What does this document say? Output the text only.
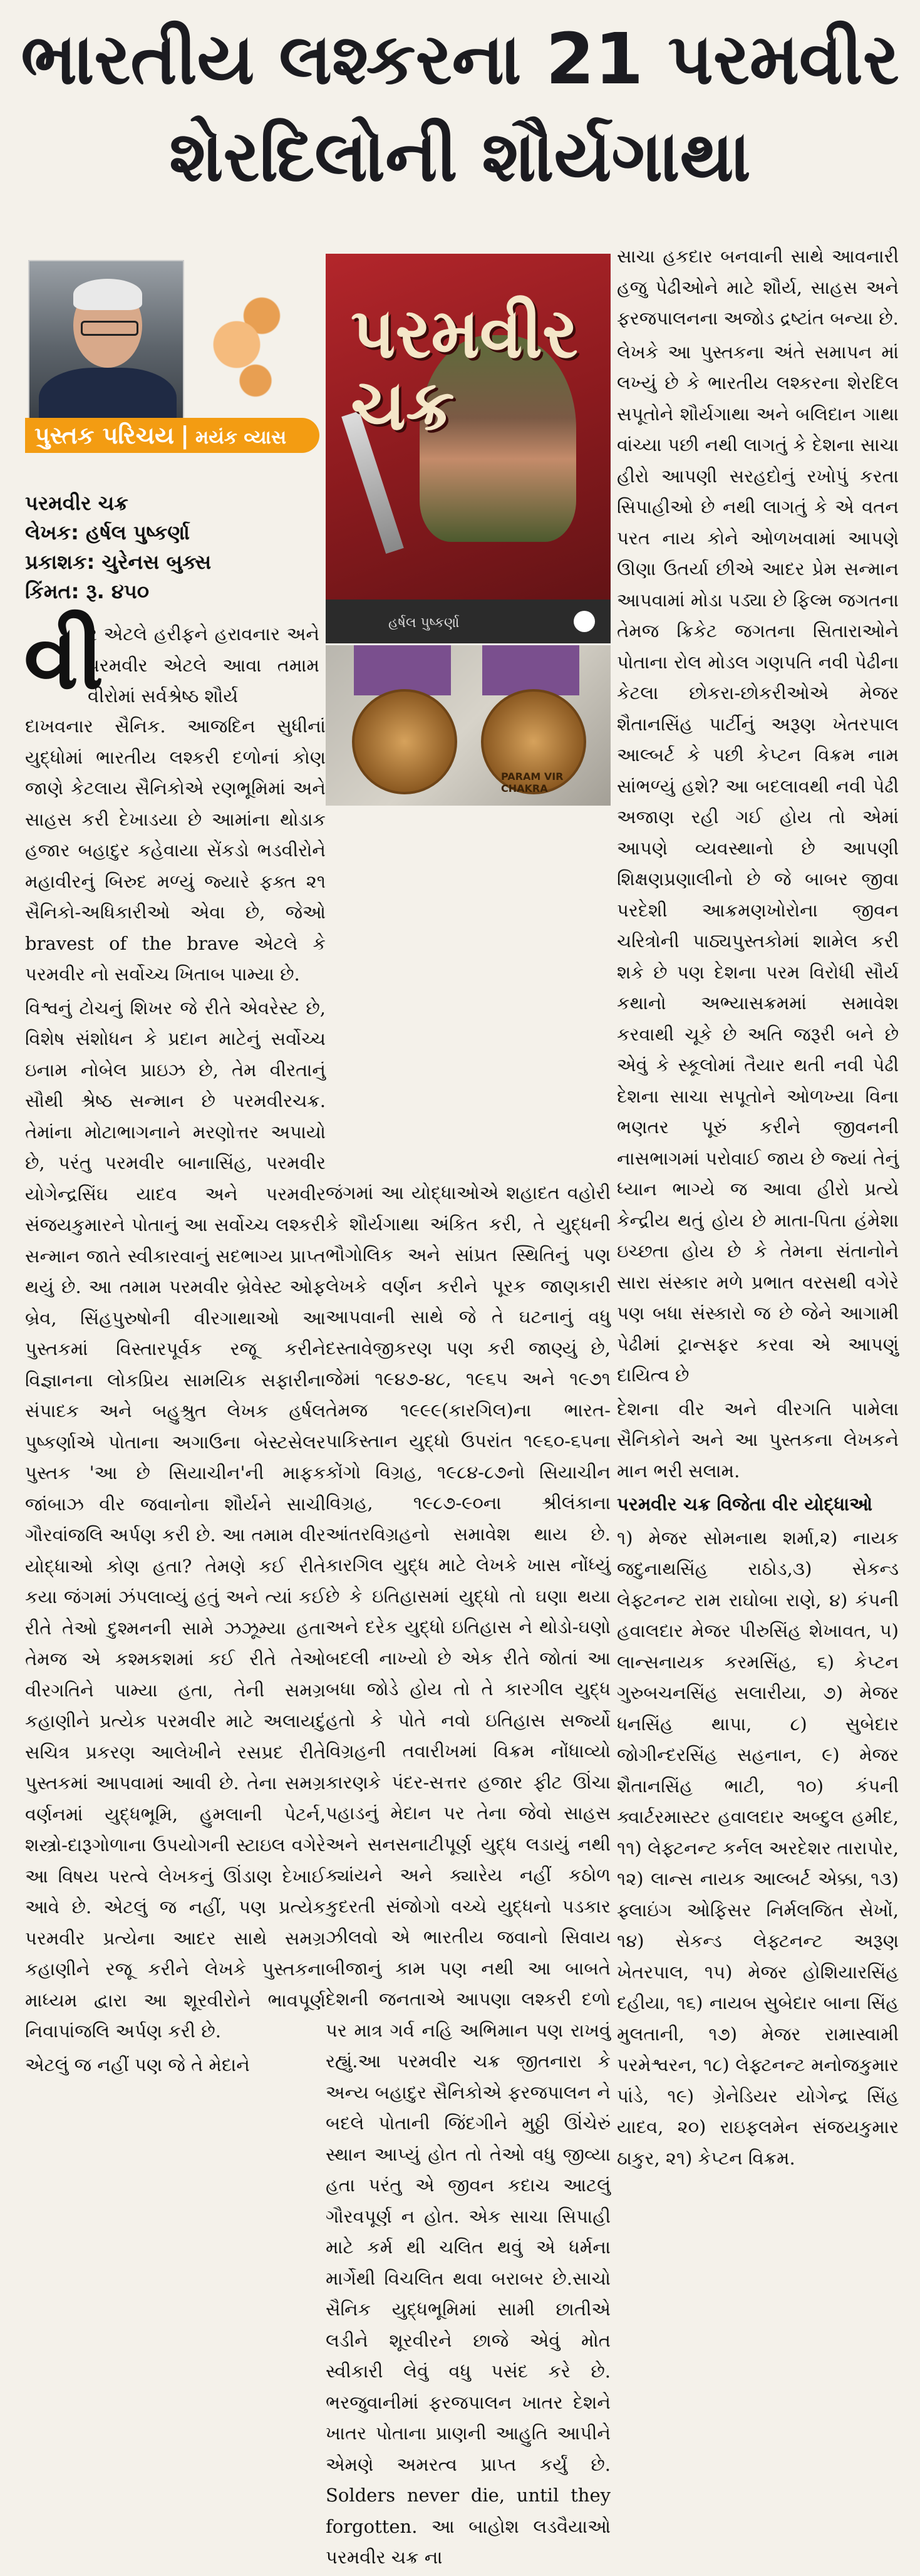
ભારતીય લશ્કરના 21 પરમવીર
શેરદિલોની શૌર્યગાથા
પુસ્તક પરિચય | મયંક વ્યાસ
પરમવીર ચક્ર
લેખક: હર્ષલ પુષ્કર્ણા
પ્રકાશક: ચુરેનસ બુક્સ
કિંમત: રૂ. ૪૫૦
પરમવીર
ચક્ર
હર્ષલ પુષ્કર્ણા
PARAM VIR CHAKRA
વી

ર એટલે હરીફને હરાવનાર અને પરમવીર એટલે આવા તમામ વીરોમાં સર્વશ્રેષ્ઠ શૌર્ય

દાખવનાર સૈનિક. આજદિન સુધીનાં યુદ્ધોમાં ભારતીય લશ્કરી દળોનાં કોણ જાણે કેટલાય સૈનિકોએ રણભૂમિમાં અને સાહસ કરી દેખાડયા છે આમાંના થોડાક હજાર બહાદુર કહેવાયા સેંકડો ભડવીરોને મહાવીરનું બિરુદ મળ્યું જ્યારે ફક્ત ૨૧ સૈનિકો-અધિકારીઓ એવા છે, જેઓ bravest of the brave એટલે કે પરમવીર નો સર્વોચ્ચ ખિતાબ પામ્યા છે.

વિશ્વનું ટોચનું શિખર જે રીતે એવરેસ્ટ છે, વિશેષ સંશોધન કે પ્રદાન માટેનું સર્વોચ્ચ ઇનામ નોબેલ પ્રાઇઝ છે, તેમ વીરતાનું સૌથી શ્રેષ્ઠ સન્માન છે પરમવીરચક્ર. તેમાંના મોટાભાગનાને મરણોત્તર અપાયો છે, પરંતુ પરમવીર બાનાસિંહ, પરમવીર યોગેન્દ્રસિંઘ યાદવ અને પરમવીર સંજયકુમારને પોતાનું આ સર્વોચ્ચ લશ્કરી સન્માન જાતે સ્વીકારવાનું સદભાગ્ય પ્રાપ્ત થયું છે. આ તમામ પરમવીર બ્રેવેસ્ટ ઓફ બ્રેવ, સિંહપુરુષોની વીરગાથાઓ આ પુસ્તકમાં વિસ્તારપૂર્વક રજૂ કરીને વિજ્ઞાનના લોકપ્રિય સામયિક સફારીના સંપાદક અને બહુશ્રુત લેખક હર્ષલ પુષ્કર્ણાએ પોતાના અગાઉના બેસ્ટસેલર પુસ્તક 'આ છે સિયાચીન'ની માફક જાંબાઝ વીર જવાનોના શૌર્યને સાચી ગૌરવાંજલિ અર્પણ કરી છે. આ તમામ વીર યોદ્ધાઓ કોણ હતા? તેમણે કઈ રીતે કયા જંગમાં ઝંપલાવ્યું હતું અને ત્યાં કઈ રીતે તેઓ દુશ્મનની સામે ઝઝૂમ્યા હતા તેમજ એ કશ્મકશમાં કઈ રીતે તેઓ વીરગતિને પામ્યા હતા, તેની સમગ્ર કહાણીને પ્રત્યેક પરમવીર માટે અલાયદું સચિત્ર પ્રકરણ આલેખીને રસપ્રદ રીતે પુસ્તકમાં આપવામાં આવી છે. તેના સમગ્ર વર્ણનમાં યુદ્ધભૂમિ, હુમલાની પેટર્ન, શસ્ત્રો-દારૂગોળાના ઉપયોગની સ્ટાઇલ વગેરે આ વિષય પરત્વે લેખકનું ઊંડાણ દેખાઈ આવે છે. એટલું જ નહીં, પણ પ્રત્યેક પરમવીર પ્રત્યેના આદર સાથે સમગ્ર કહાણીને રજૂ કરીને લેખકે પુસ્તકના માધ્યમ દ્વારા આ શૂરવીરોને ભાવપૂર્ણ નિવાપાંજલિ અર્પણ કરી છે.

એટલું જ નહીં પણ જે તે મેદાને

જંગમાં આ યોદ્ધાઓએ શહાદત વહોરી કે શૌર્યગાથા અંકિત કરી, તે યુદ્ધની ભૌગોલિક અને સાંપ્રત સ્થિતિનું પણ લેખકે વર્ણન કરીને પૂરક જાણકારી આપવાની સાથે જે તે ઘટનાનું વધુ દસ્તાવેજીકરણ પણ કરી જાણ્યું છે, જેમાં ૧૯૪૭-૪૮, ૧૯૬૫ અને ૧૯૭૧ તેમજ ૧૯૯૯(કારગિલ)ના ભારત-પાકિસ્તાન યુદ્ધો ઉપરાંત ૧૯૬૦-૬૫ના કોંગો વિગ્રહ, ૧૯૮૪-૮૭નો સિયાચીન વિગ્રહ, ૧૯૮૭-૯૦ના શ્રીલંકાના આંતરવિગ્રહનો સમાવેશ થાય છે. કારગિલ યુદ્ધ માટે લેખકે ખાસ નોંધ્યું છે કે ઇતિહાસમાં યુદ્ધો તો ઘણા થયા અને દરેક યુદ્ધો ઇતિહાસ ને થોડો-ઘણો બદલી નાખ્યો છે એક રીતે જોતાં આ બધા જોડે હોય તો તે કારગીલ યુદ્ધ હતો કે પોતે નવો ઇતિહાસ સર્જ્યો વિગ્રહની તવારીખમાં વિક્રમ નોંધાવ્યો કારણકે પંદર-સત્તર હજાર ફીટ ઊંચા પહાડનું મેદાન પર તેના જેવો સાહસ અને સનસનાટીપૂર્ણ યુદ્ધ લડાયું નથી ક્યાંયને અને ક્યારેય નહીં કઠોળ કુદરતી સંજોગો વચ્ચે યુદ્ધનો પડકાર ઝીલવો એ ભારતીય જવાનો સિવાય બીજાનું કામ પણ નથી આ બાબતે દેશની જનતાએ આપણા લશ્કરી દળો પર માત્ર ગર્વ નહિ અભિમાન પણ રાખવું રહ્યું.આ પરમવીર ચક્ર જીતનારા કે અન્ય બહાદુર સૈનિકોએ ફરજપાલન ને બદલે પોતાની જિંદગીને મુઠ્ઠી ઊંચેરું સ્થાન આપ્યું હોત તો તેઓ વધુ જીવ્યા હતા પરંતુ એ જીવન કદાચ આટલું ગૌરવપૂર્ણ ન હોત. એક સાચા સિપાહી માટે કર્મ થી ચલિત થવું એ ધર્મના માર્ગેથી વિચલિત થવા બરાબર છે.સાચો સૈનિક યુદ્ધભૂમિમાં સામી છાતીએ લડીને શૂરવીરને છાજે એવું મોત સ્વીકારી લેવું વધુ પસંદ કરે છે. ભરજુવાનીમાં ફરજપાલન ખાતર દેશને ખાતર પોતાના પ્રાણની આહુતિ આપીને એમણે અમરત્વ પ્રાપ્ત કર્યું છે. Solders never die, until they forgotten. આ બાહોશ લડવૈયાઓ પરમવીર ચક્ર ના

સાચા હકદાર બનવાની સાથે આવનારી હજુ પેઢીઓને માટે શૌર્ય, સાહસ અને ફરજપાલનના અજોડ દ્રષ્ટાંત બન્યા છે.

લેખકે આ પુસ્તકના અંતે સમાપન માં લખ્યું છે કે ભારતીય લશ્કરના શેરદિલ સપૂતોને શૌર્યગાથા અને બલિદાન ગાથા વાંચ્યા પછી નથી લાગતું કે દેશના સાચા હીરો આપણી સરહદોનું રખોપું કરતા સિપાહીઓ છે નથી લાગતું કે એ વતન પરત નાય કોને ઓળખવામાં આપણે ઊણા ઉતર્યા છીએ આદર પ્રેમ સન્માન આપવામાં મોડા પડ્યા છે ફિલ્મ જગતના તેમજ ક્રિકેટ જગતના સિતારાઓને પોતાના રોલ મોડલ ગણપતિ નવી પેઢીના કેટલા છોકરા-છોકરીઓએ મેજર શૈતાનસિંહ પાર્ટીનું અરૂણ ખેતરપાલ આલ્બર્ટ કે પછી કેપ્ટન વિક્રમ નામ સાંભળ્યું હશે? આ બદલાવથી નવી પેઢી અજાણ રહી ગઈ હોય તો એમાં આપણે વ્યવસ્થાનો છે આપણી શિક્ષણપ્રણાલીનો છે જે બાબર જીવા પરદેશી આક્રમણખોરોના જીવન ચરિત્રોની પાઠ્યપુસ્તકોમાં શામેલ કરી શકે છે પણ દેશના પરમ વિરોધી સૌર્ય કથાનો અભ્યાસક્રમમાં સમાવેશ કરવાથી ચૂકે છે અતિ જરૂરી બને છે એવું કે સ્કૂલોમાં તૈયાર થતી નવી પેઢી દેશના સાચા સપૂતોને ઓળખ્યા વિના ભણતર પૂરું કરીને જીવનની નાસભાગમાં પરોવાઈ જાય છે જ્યાં તેનું ધ્યાન ભાગ્યે જ આવા હીરો પ્રત્યે કેન્દ્રીય થતું હોય છે માતા-પિતા હંમેશા ઇચ્છતા હોય છે કે તેમના સંતાનોને સારા સંસ્કાર મળે પ્રભાત વરસથી વગેરે પણ બધા સંસ્કારો જ છે જેને આગામી પેઢીમાં ટ્રાન્સફર કરવા એ આપણું દાયિત્વ છે

દેશના વીર અને વીરગતિ પામેલા સૈનિકોને અને આ પુસ્તકના લેખકને માન ભરી સલામ.

પરમવીર ચક્ર વિજેતા વીર યોદ્ધાઓ

૧) મેજર સોમનાથ શર્મા,૨) નાયક જદુનાથસિંહ રાઠોડ,૩) સેકન્ડ લેફ્ટનન્ટ રામ રાઘોબા રાણે, ૪) કંપની હવાલદાર મેજર પીરુસિંહ શેખાવત, ૫) લાન્સનાયક કરમસિંહ, ૬) કેપ્ટન ગુરુબચનસિંહ સલારીયા, ૭) મેજર ધનસિંહ થાપા, ૮) સુબેદાર જોગીન્દરસિંહ સહનાન, ૯) મેજર શૈતાનસિંહ ભાટી, ૧૦) કંપની ક્વાર્ટરમાસ્ટર હવાલદાર અબ્દુલ હમીદ, ૧૧) લેફ્ટનન્ટ કર્નલ અરદેશર તારાપોર, ૧૨) લાન્સ નાયક આલ્બર્ટ એક્કા, ૧૩) ફ્લાઇંગ ઓફિસર નિર્મલજિત સેખોં, ૧૪) સેકન્ડ લેફ્ટનન્ટ અરૂણ ખેતરપાલ, ૧૫) મેજર હોશિયારસિંહ દહીયા, ૧૬) નાયબ સુબેદાર બાના સિંહ મુલતાની, ૧૭) મેજર રામાસ્વામી પરમેશ્વરન, ૧૮) લેફ્ટનન્ટ મનોજકુમાર પાંડે, ૧૯) ગ્રેનેડિયર યોગેન્દ્ર સિંહ યાદવ, ૨૦) રાઇફલમેન સંજયકુમાર ઠાકુર, ૨૧) કેપ્ટન વિક્રમ.
